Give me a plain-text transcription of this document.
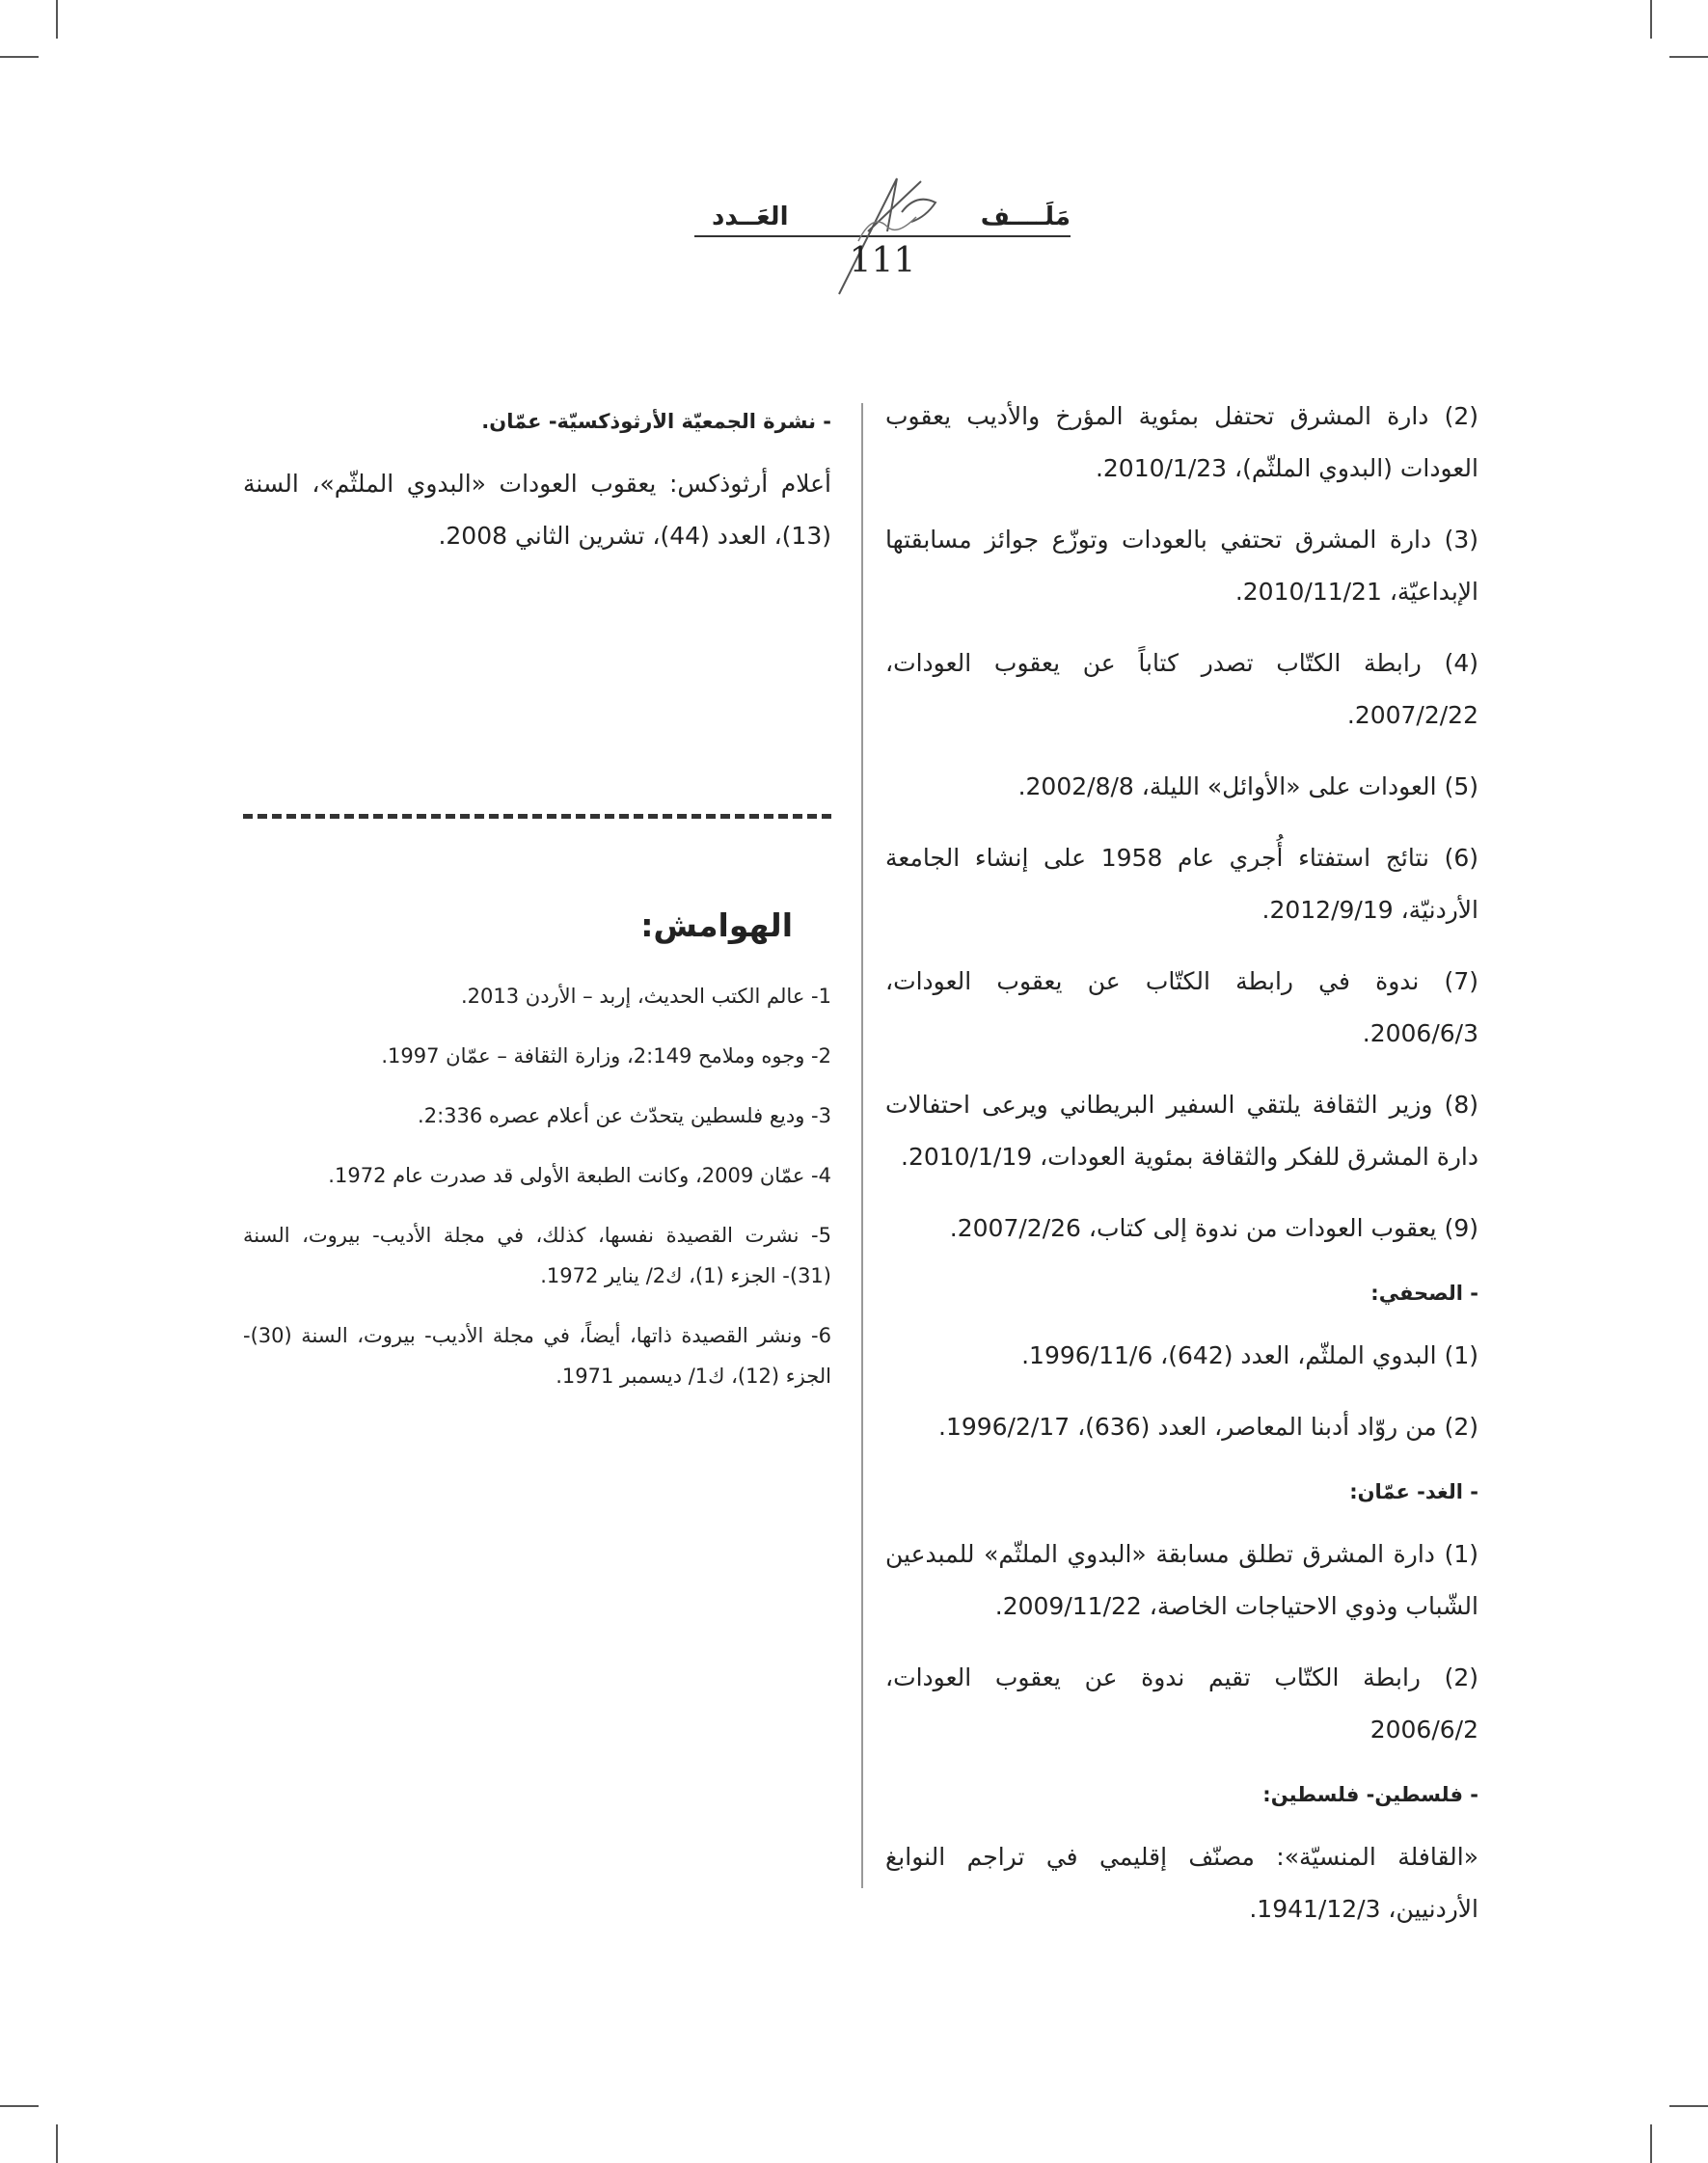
مَلَــــف
العَــدد
111

(2) دارة المشرق تحتفل بمئوية المؤرخ والأديب يعقوب العودات (البدوي الملثّم)، 2010/1/23.

(3) دارة المشرق تحتفي بالعودات وتوزّع جوائز مسابقتها الإبداعيّة، 2010/11/21.

(4) رابطة الكتّاب تصدر كتاباً عن يعقوب العودات، 2007/2/22.

(5) العودات على «الأوائل» الليلة، 2002/8/8.

(6) نتائج استفتاء أُجري عام 1958 على إنشاء الجامعة الأردنيّة، 2012/9/19.

(7) ندوة في رابطة الكتّاب عن يعقوب العودات، 2006/6/3.

(8) وزير الثقافة يلتقي السفير البريطاني ويرعى احتفالات دارة المشرق للفكر والثقافة بمئوية العودات، 2010/1/19.

(9) يعقوب العودات من ندوة إلى كتاب، 2007/2/26.

- الصحفي:

(1) البدوي الملثّم، العدد (642)، 1996/11/6.

(2) من روّاد أدبنا المعاصر، العدد (636)، 1996/2/17.

- الغد- عمّان:

(1) دارة المشرق تطلق مسابقة «البدوي الملثّم» للمبدعين الشّباب وذوي الاحتياجات الخاصة، 2009/11/22.

(2) رابطة الكتّاب تقيم ندوة عن يعقوب العودات، 2006/6/2

- فلسطين- فلسطين:

«القافلة المنسيّة»: مصنّف إقليمي في تراجم النوابغ الأردنيين، 1941/12/3.

- نشرة الجمعيّة الأرثوذكسيّة- عمّان.

أعلام أرثوذكس: يعقوب العودات «البدوي الملثّم»، السنة (13)، العدد (44)، تشرين الثاني 2008.

الهوامش:

1- عالم الكتب الحديث، إربد – الأردن 2013.

2- وجوه وملامح 2:149، وزارة الثقافة – عمّان 1997.

3- وديع فلسطين يتحدّث عن أعلام عصره 2:336.

4- عمّان 2009، وكانت الطبعة الأولى قد صدرت عام 1972.

5- نشرت القصيدة نفسها، كذلك، في مجلة الأديب- بيروت، السنة (31)- الجزء (1)، ك2/ يناير 1972.

6- ونشر القصيدة ذاتها، أيضاً، في مجلة الأديب- بيروت، السنة (30)- الجزء (12)، ك1/ ديسمبر 1971.
